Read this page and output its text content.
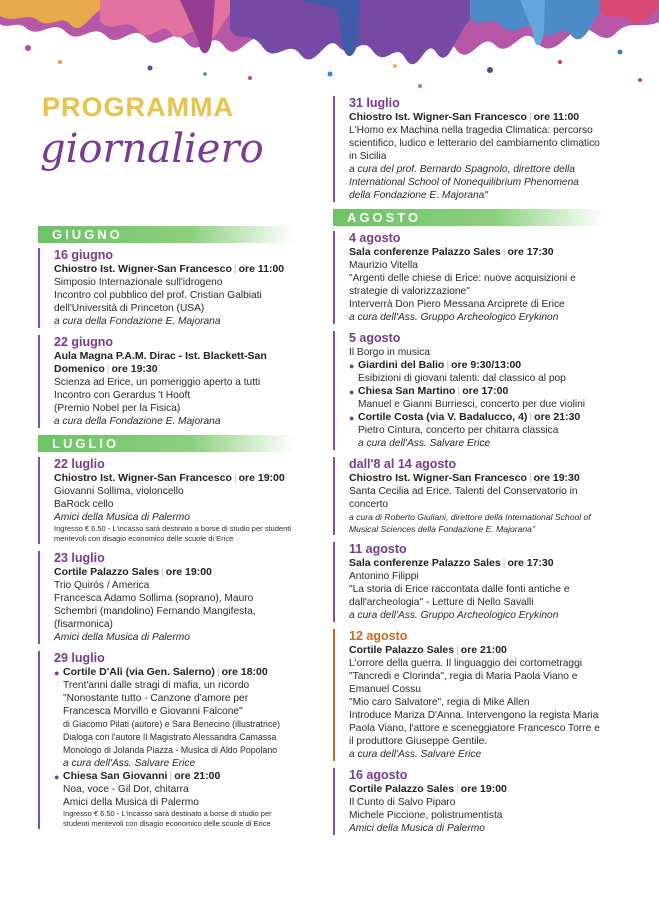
PROGRAMMA
giornaliero
GIUGNO
16 giugno
Chiostro Ist. Wigner-San Francesco | ore 11:00
Simposio Internazionale sull'idrogeno
Incontro col pubblico del prof. Cristian Galbiati
dell'Università di Princeton (USA)
a cura della Fondazione E. Majorana
22 giugno
Aula Magna P.A.M. Dirac - Ist. Blackett-San Domenico | ore 19:30
Scienza ad Erice, un pomeriggio aperto a tutti
Incontro con Gerardus 't Hooft
(Premio Nobel per la Fisica)
a cura della Fondazione E. Majorana
LUGLIO
22 luglio
Chiostro Ist. Wigner-San Francesco | ore 19:00
Giovanni Sollima, violoncello
BaRock cello
Amici della Musica di Palermo
Ingresso € 6.50 - L'incasso sarà destinato a borse di studio per studenti meritevoli con disagio economico delle scuole di Erice
23 luglio
Cortile Palazzo Sales | ore 19:00
Trio Quirós / America
Francesca Adamo Sollima (soprano), Mauro Schembri (mandolino) Fernando Mangifesta, (fisarmonica)
Amici della Musica di Palermo
29 luglio
● Cortile D'Alì (via Gen. Salerno) | ore 18:00
Trent'anni dalle stragi di mafia, un ricordo
"Nonostante tutto - Canzone d'amore per Francesca Morvillo e Giovanni Falcone"
di Giacomo Pilati (autore) e Sara Benecino (illustratrice)
Dialoga con l'autore Il Magistrato Alessandra Camassa
Monologo di Jolanda Piazza - Musica di Aldo Popolano
a cura dell'Ass. Salvare Erice
● Chiesa San Giovanni | ore 21:00
Noa, voce - Gil Dor, chitarra
Amici della Musica di Palermo
Ingresso € 6.50 - L'incasso sarà destinato a borse di studio per studenti meritevoli con disagio economico delle scuole di Erice
31 luglio
Chiostro Ist. Wigner-San Francesco | ore 11:00
L'Homo ex Machina nella tragedia Climatica: percorso scientifico, ludico e letterario del cambiamento climatico in Sicilia
a cura del prof. Bernardo Spagnolo, direttore della International School of Nonequilibrium Phenomena della Fondazione E. Majorana"
AGOSTO
4 agosto
Sala conferenze Palazzo Sales | ore 17:30
Maurizio Vitella
"Argenti delle chiese di Erice: nuove acquisizioni e strategie di valorizzazione"
Interverrà Don Piero Messana Arciprete di Erice
a cura dell'Ass. Gruppo Archeologico Erykinon
5 agosto
Il Borgo in musica
● Giardini del Balio | ore 9:30/13:00
Esibizioni di giovani talenti: dal classico al pop
● Chiesa San Martino | ore 17:00
Manuel e Gianni Burriesci, concerto per due violini
● Cortile Costa (via V. Badalucco, 4) | ore 21:30
Pietro Cintura, concerto per chitarra classica
a cura dell'Ass. Salvare Erice
dall'8 al 14 agosto
Chiostro Ist. Wigner-San Francesco | ore 19:30
Santa Cecilia ad Erice. Talenti del Conservatorio in concerto
a cura di Roberto Giuliani, direttore della International School of Musical Sciences della Fondazione E. Majorana"
11 agosto
Sala conferenze Palazzo Sales | ore 17:30
Antonino Filippi
"La storia di Erice raccontata dalle fonti antiche e dall'archeologia" - Letture di Nello Savalli
a cura dell'Ass. Gruppo Archeologico Erykinon
12 agosto
Cortile Palazzo Sales | ore 21:00
L'orrore della guerra. Il linguaggio dei cortometraggi "Tancredi e Clorinda", regia di Maria Paola Viano e Emanuel Cossu
"Mio caro Salvatore", regia di Mike Allen
Introduce Mariza D'Anna. Intervengono la regista Maria Paola Viano, l'attore e sceneggiatore Francesco Torre e il produttore Giuseppe Gentile.
a cura dell'Ass. Salvare Erice
16 agosto
Cortile Palazzo Sales | ore 19:00
Il Cunto di Salvo Piparo
Michele Piccione, polistrumentista
Amici della Musica di Palermo
